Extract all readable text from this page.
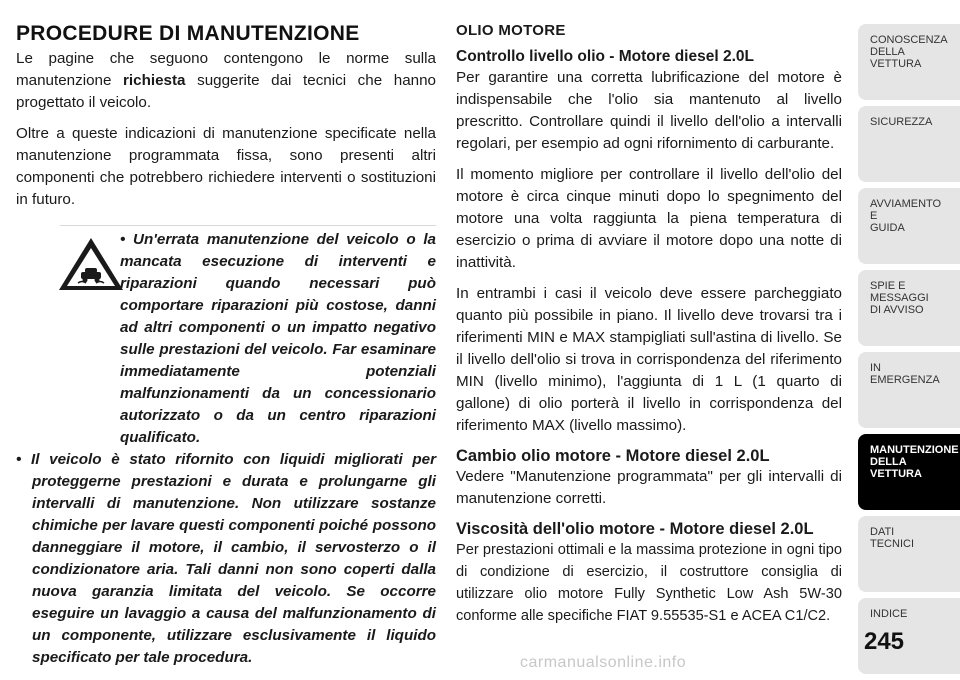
PROCEDURE DI MANUTENZIONE

Le pagine che seguono contengono le norme sulla manutenzione richiesta suggerite dai tecnici che hanno progettato il veicolo.

Oltre a queste indicazioni di manutenzione specificate nella manutenzione programmata fissa, sono presenti altri componenti che potrebbero richiedere interventi o sostituzioni in futuro.

• Un'errata manutenzione del veicolo o la mancata esecuzione di interventi e riparazioni quando necessari può comportare riparazioni più costose, danni ad altri componenti o un impatto negativo sulle prestazioni del veicolo. Far esaminare immediatamente potenziali malfunzionamenti da un concessionario autorizzato o da un centro riparazioni qualificato.
• Il veicolo è stato rifornito con liquidi migliorati per proteggerne prestazioni e durata e prolungarne gli intervalli di manutenzione. Non utilizzare sostanze chimiche per lavare questi componenti poiché possono danneggiare il motore, il cambio, il servosterzo o il condizionatore aria. Tali danni non sono coperti dalla nuova garanzia limitata del veicolo. Se occorre eseguire un lavaggio a causa del malfunzionamento di un componente, utilizzare esclusivamente il liquido specificato per tale procedura.
OLIO MOTORE
Controllo livello olio - Motore diesel 2.0L

Per garantire una corretta lubrificazione del motore è indispensabile che l'olio sia mantenuto al livello prescritto. Controllare quindi il livello dell'olio a intervalli regolari, per esempio ad ogni rifornimento di carburante.

Il momento migliore per controllare il livello dell'olio del motore è circa cinque minuti dopo lo spegnimento del motore una volta raggiunta la piena temperatura di esercizio o prima di avviare il motore dopo una notte di inattività.

In entrambi i casi il veicolo deve essere parcheggiato quanto più possibile in piano. Il livello deve trovarsi tra i riferimenti MIN e MAX stampigliati sull'astina di livello. Se il livello dell'olio si trova in corrispondenza del riferimento MIN (livello minimo), l'aggiunta di 1 L (1 quarto di gallone) di olio porterà il livello in corrispondenza del riferimento MAX (livello massimo).

Cambio olio motore - Motore diesel 2.0L

Vedere "Manutenzione programmata" per gli intervalli di manutenzione corretti.

Viscosità dell'olio motore - Motore diesel 2.0L

Per prestazioni ottimali e la massima protezione in ogni tipo di condizione di esercizio, il costruttore consiglia di utilizzare olio motore Fully Synthetic Low Ash 5W-30 conforme alle specifiche FIAT 9.55535-S1 e ACEA C1/C2.

CONOSCENZA
DELLA
VETTURA
SICUREZZA
AVVIAMENTO
E
GUIDA
SPIE E
MESSAGGI
DI AVVISO
IN
EMERGENZA
MANUTENZIONE
DELLA
VETTURA
DATI
TECNICI
INDICE
245
carmanualsonline.info
